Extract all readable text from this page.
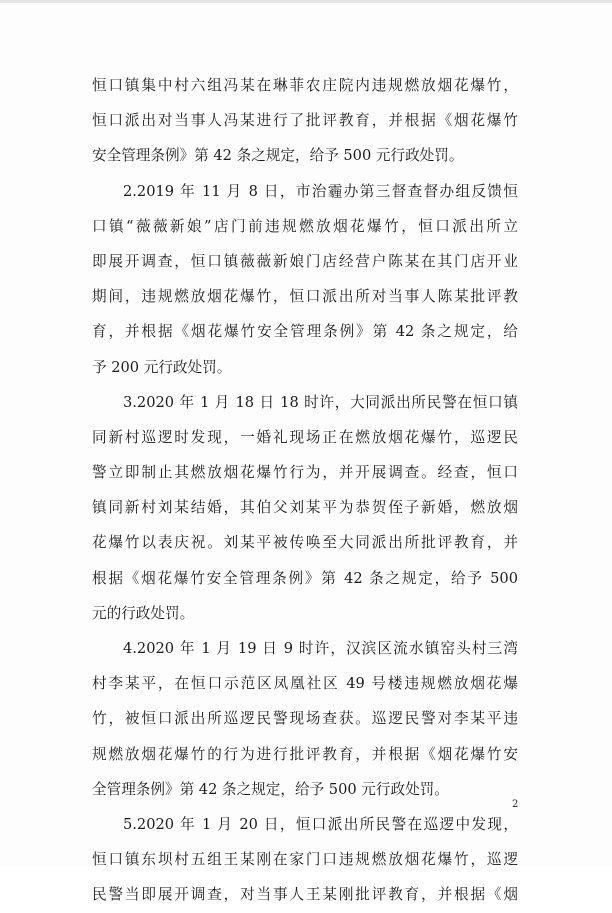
恒口镇集中村六组冯某在琳菲农庄院内违规燃放烟花爆竹，
恒口派出对当事人冯某进行了批评教育，并根据《烟花爆竹
安全管理条例》第 42 条之规定，给予 500 元行政处罚。
2.2019 年 11 月 8 日，市治霾办第三督查督办组反馈恒
口镇“薇薇新娘”店门前违规燃放烟花爆竹，恒口派出所立
即展开调查，恒口镇薇薇新娘门店经营户陈某在其门店开业
期间，违规燃放烟花爆竹，恒口派出所对当事人陈某批评教
育，并根据《烟花爆竹安全管理条例》第 42 条之规定，给
予 200 元行政处罚。
3.2020 年 1 月 18 日 18 时许，大同派出所民警在恒口镇
同新村巡逻时发现，一婚礼现场正在燃放烟花爆竹，巡逻民
警立即制止其燃放烟花爆竹行为，并开展调查。经查，恒口
镇同新村刘某结婚，其伯父刘某平为恭贺侄子新婚，燃放烟
花爆竹以表庆祝。刘某平被传唤至大同派出所批评教育，并
根据《烟花爆竹安全管理条例》第 42 条之规定，给予 500
元的行政处罚。
4.2020 年 1 月 19 日 9 时许，汉滨区流水镇窑头村三湾
村李某平，在恒口示范区凤凰社区 49 号楼违规燃放烟花爆
竹，被恒口派出所巡逻民警现场查获。巡逻民警对李某平违
规燃放烟花爆竹的行为进行批评教育，并根据《烟花爆竹安
全管理条例》第 42 条之规定，给予 500 元行政处罚。
5.2020 年 1 月 20 日，恒口派出所民警在巡逻中发现，
恒口镇东坝村五组王某刚在家门口违规燃放烟花爆竹，巡逻
民警当即展开调查，对当事人王某刚批评教育，并根据《烟
2
